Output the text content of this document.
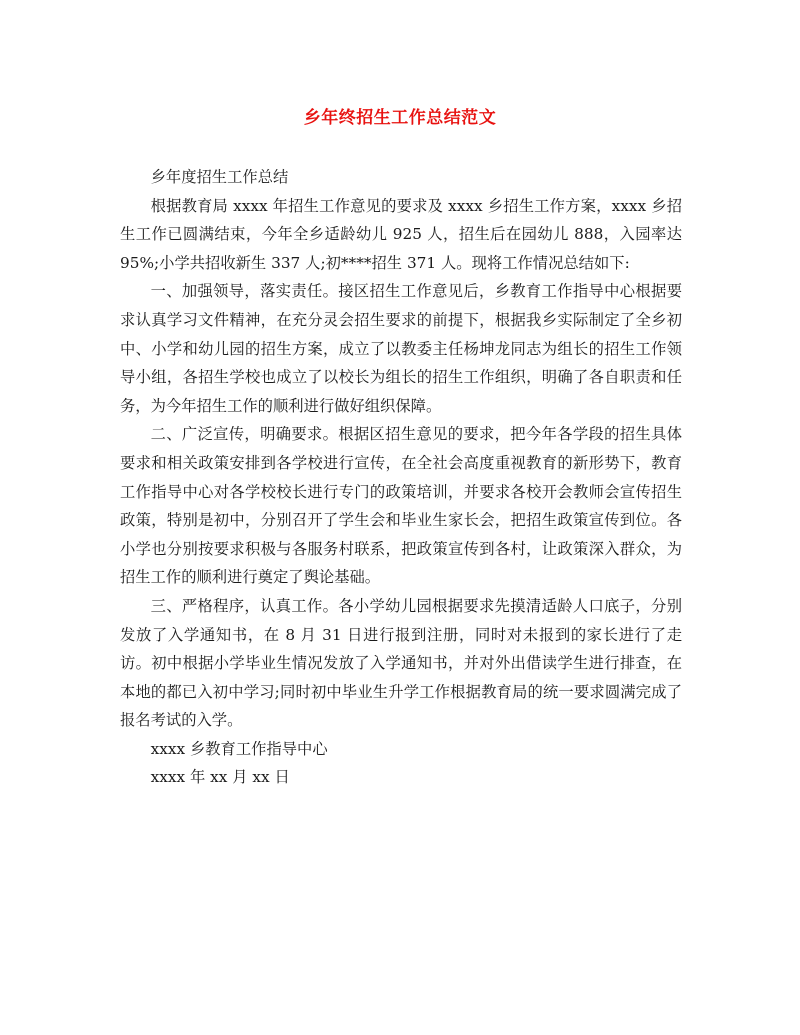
乡年终招生工作总结范文

乡年度招生工作总结

根据教育局 xxxx 年招生工作意见的要求及 xxxx 乡招生工作方案，xxxx 乡招生工作已圆满结束，今年全乡适龄幼儿 925 人，招生后在园幼儿 888，入园率达 95%;小学共招收新生 337 人;初****招生 371 人。现将工作情况总结如下:

一、加强领导，落实责任。接区招生工作意见后，乡教育工作指导中心根据要求认真学习文件精神，在充分灵会招生要求的前提下，根据我乡实际制定了全乡初中、小学和幼儿园的招生方案，成立了以教委主任杨坤龙同志为组长的招生工作领导小组，各招生学校也成立了以校长为组长的招生工作组织，明确了各自职责和任务，为今年招生工作的顺利进行做好组织保障。

二、广泛宣传，明确要求。根据区招生意见的要求，把今年各学段的招生具体要求和相关政策安排到各学校进行宣传，在全社会高度重视教育的新形势下，教育工作指导中心对各学校校长进行专门的政策培训，并要求各校开会教师会宣传招生政策，特别是初中，分别召开了学生会和毕业生家长会，把招生政策宣传到位。各小学也分别按要求积极与各服务村联系，把政策宣传到各村，让政策深入群众，为招生工作的顺利进行奠定了舆论基础。

三、严格程序，认真工作。各小学幼儿园根据要求先摸清适龄人口底子，分别发放了入学通知书，在 8 月 31 日进行报到注册，同时对未报到的家长进行了走访。初中根据小学毕业生情况发放了入学通知书，并对外出借读学生进行排查，在本地的都已入初中学习;同时初中毕业生升学工作根据教育局的统一要求圆满完成了报名考试的入学。

xxxx 乡教育工作指导中心

xxxx 年 xx 月 xx 日
